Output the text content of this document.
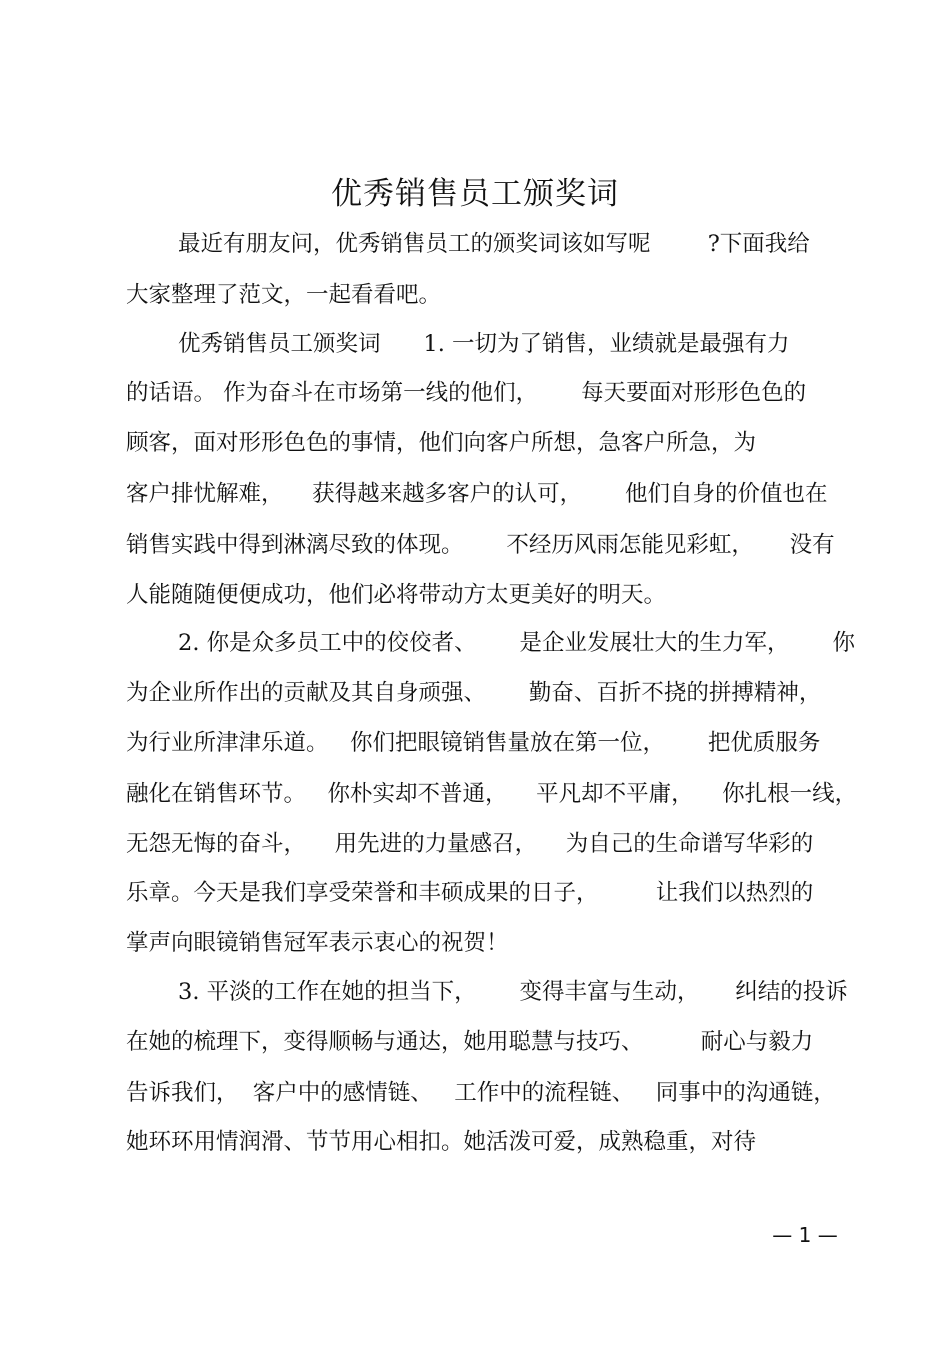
优秀销售员工颁奖词
最近有朋友问，优秀销售员工的颁奖词该如写呢        ?下面我给
大家整理了范文，一起看看吧。
优秀销售员工颁奖词      1. 一切为了销售，业绩就是最强有力
的话语。 作为奋斗在市场第一线的他们，      每天要面对形形色色的
顾客，面对形形色色的事情，他们向客户所想，急客户所急，为
客户排忧解难，    获得越来越多客户的认可，      他们自身的价值也在
销售实践中得到淋漓尽致的体现。      不经历风雨怎能见彩虹，     没有
人能随随便便成功，他们必将带动方太更美好的明天。
2. 你是众多员工中的佼佼者、      是企业发展壮大的生力军，      你
为企业所作出的贡献及其自身顽强、      勤奋、百折不挠的拼搏精神，
为行业所津津乐道。   你们把眼镜销售量放在第一位，      把优质服务
融化在销售环节。   你朴实却不普通，    平凡却不平庸，    你扎根一线，
无怨无悔的奋斗，    用先进的力量感召，    为自己的生命谱写华彩的
乐章。今天是我们享受荣誉和丰硕成果的日子，        让我们以热烈的
掌声向眼镜销售冠军表示衷心的祝贺！
3. 平淡的工作在她的担当下，      变得丰富与生动，     纠结的投诉
在她的梳理下，变得顺畅与通达，她用聪慧与技巧、        耐心与毅力
告诉我们，  客户中的感情链、   工作中的流程链、   同事中的沟通链，
她环环用情润滑、节节用心相扣。她活泼可爱，成熟稳重，对待
— 1 —
